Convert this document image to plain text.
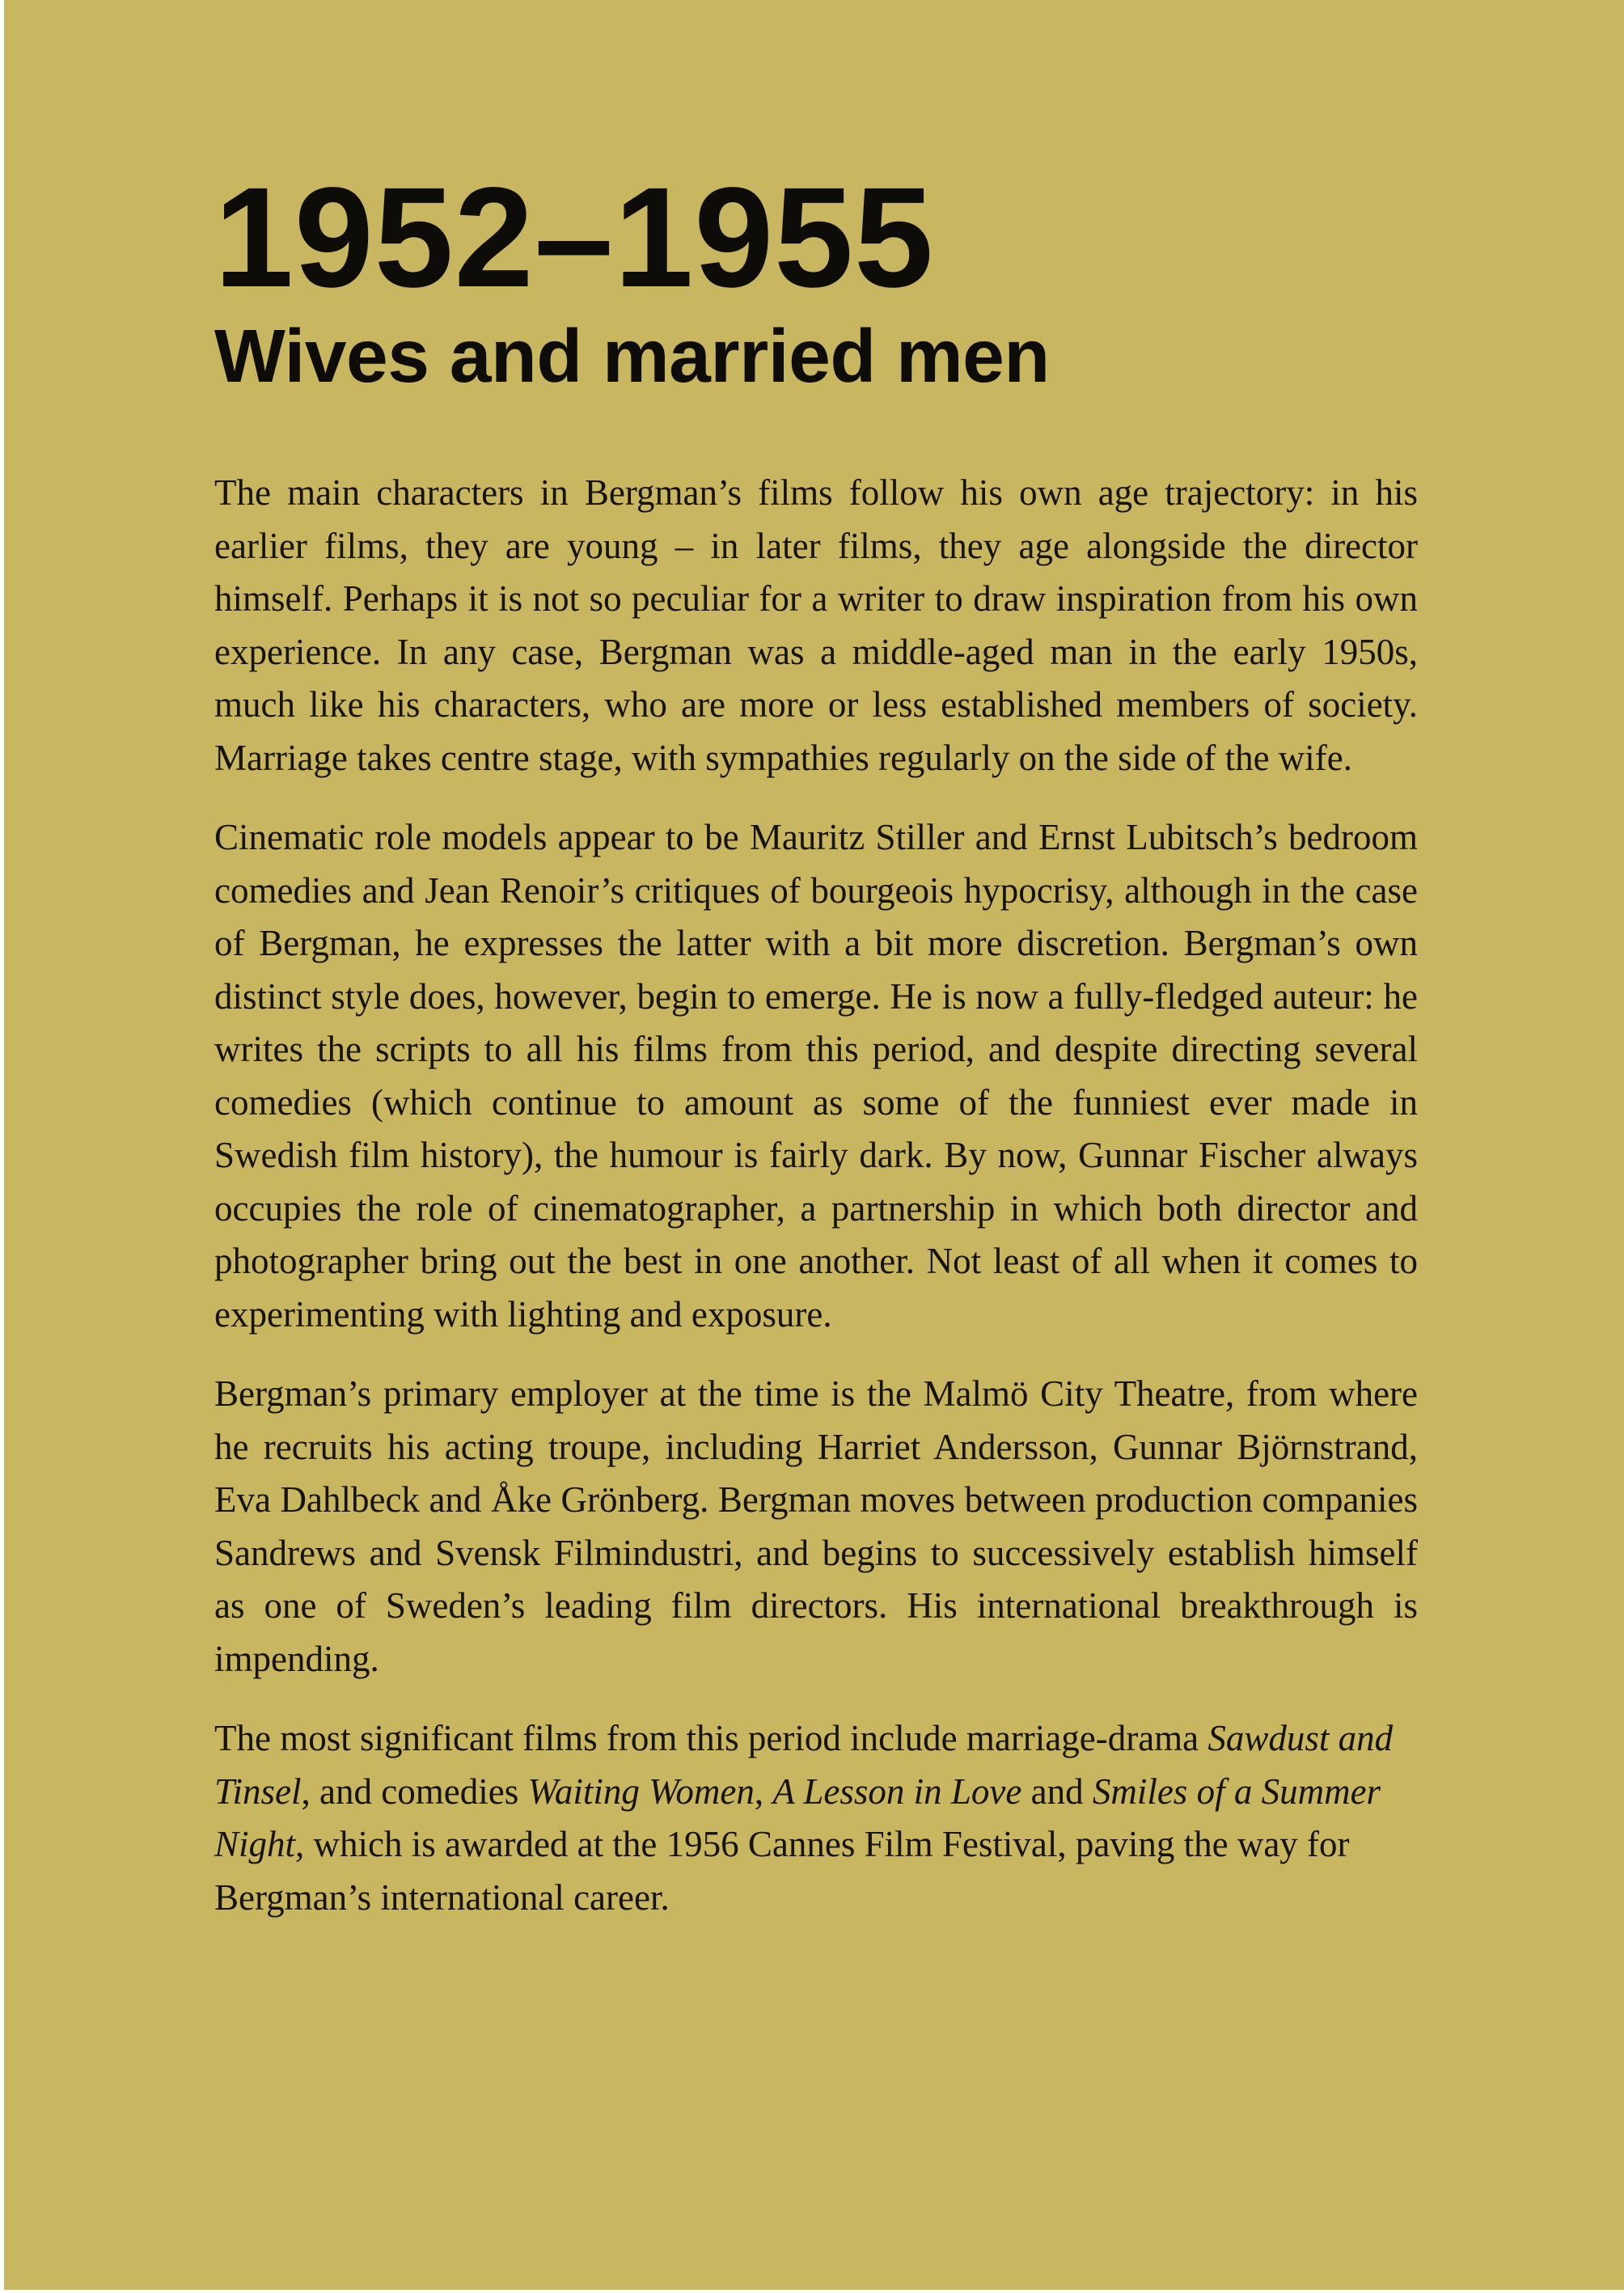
1952–1955
Wives and married men

The main characters in Bergman’s films follow his own age trajectory: in his earlier films, they are young – in later films, they age alongside the director himself. Perhaps it is not so peculiar for a writer to draw inspiration from his own experience. In any case, Bergman was a middle-aged man in the early 1950s, much like his characters, who are more or less established members of society. Marriage takes centre stage, with sympathies regularly on the side of the wife.

Cinematic role models appear to be Mauritz Stiller and Ernst Lubitsch’s bedroom comedies and Jean Renoir’s critiques of bourgeois hypocrisy, although in the case of Bergman, he expresses the latter with a bit more discretion. Bergman’s own distinct style does, however, begin to emerge. He is now a fully-fledged auteur: he writes the scripts to all his films from this period, and despite directing several comedies (which continue to amount as some of the funniest ever made in Swedish film history), the humour is fairly dark. By now, Gunnar Fischer always occupies the role of cinematographer, a partnership in which both director and photographer bring out the best in one another. Not least of all when it comes to experimenting with lighting and exposure.

Bergman’s primary employer at the time is the Malmö City Theatre, from where he recruits his acting troupe, including Harriet Andersson, Gunnar Björnstrand, Eva Dahlbeck and Åke Grönberg. Bergman moves between production companies Sandrews and Svensk Filmindustri, and begins to successively establish himself as one of Sweden’s leading film directors. His international breakthrough is impending.

The most significant films from this period include marriage-drama Sawdust and Tinsel, and comedies Waiting Women, A Lesson in Love and Smiles of a Summer Night, which is awarded at the 1956 Cannes Film Festival, paving the way for Bergman’s international career.
